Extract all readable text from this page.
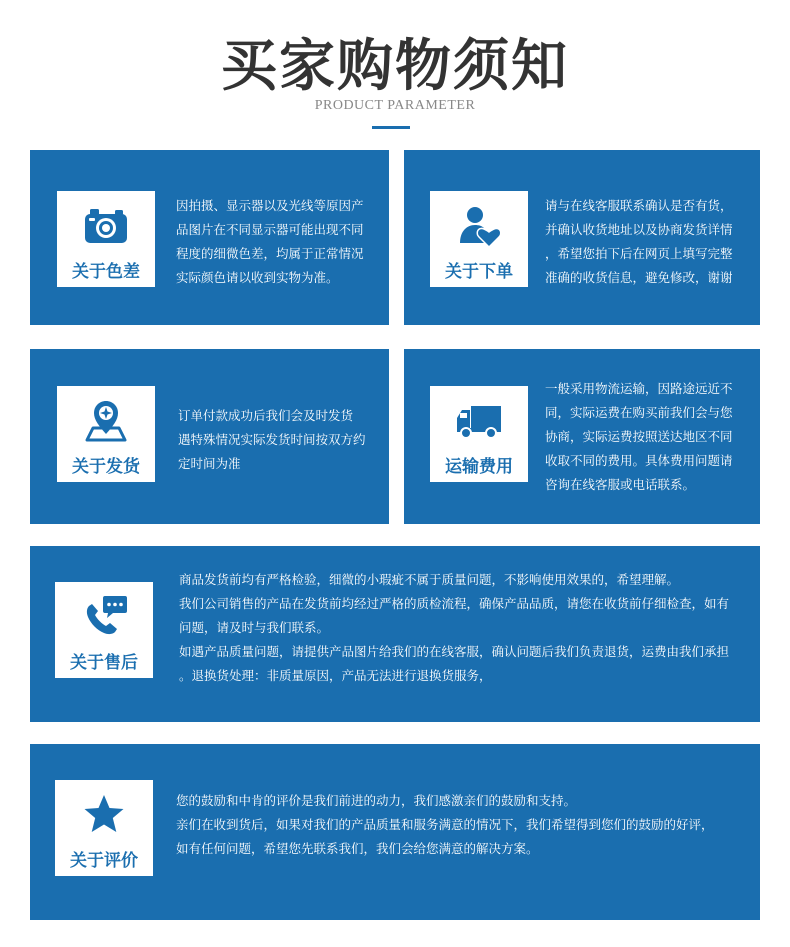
买家购物须知
PRODUCT PARAMETER
关于色差

因拍摄、显示器以及光线等原因产

品图片在不同显示器可能出现不同

程度的细微色差，均属于正常情况

实际颜色请以收到实物为准。	关于下单

请与在线客服联系确认是否有货，

并确认收货地址以及协商发货详情

，希望您拍下后在网页上填写完整

准确的收货信息，避免修改，谢谢

关于发货

订单付款成功后我们会及时发货

遇特殊情况实际发货时间按双方约

定时间为准	运输费用

一般采用物流运输，因路途远近不

同，实际运费在购买前我们会与您

协商，实际运费按照送达地区不同

收取不同的费用。具体费用问题请

咨询在线客服或电话联系。

关于售后

商品发货前均有严格检验，细微的小瑕疵不属于质量问题，不影响使用效果的，希望理解。

我们公司销售的产品在发货前均经过严格的质检流程，确保产品品质，请您在收货前仔细检查，如有

问题，请及时与我们联系。

如遇产品质量问题，请提供产品图片给我们的在线客服，确认问题后我们负责退货，运费由我们承担

。退换货处理：非质量原因，产品无法进行退换货服务，

关于评价

您的鼓励和中肯的评价是我们前进的动力，我们感激亲们的鼓励和支持。

亲们在收到货后，如果对我们的产品质量和服务满意的情况下，我们希望得到您们的鼓励的好评，

如有任何问题，希望您先联系我们，我们会给您满意的解决方案。
